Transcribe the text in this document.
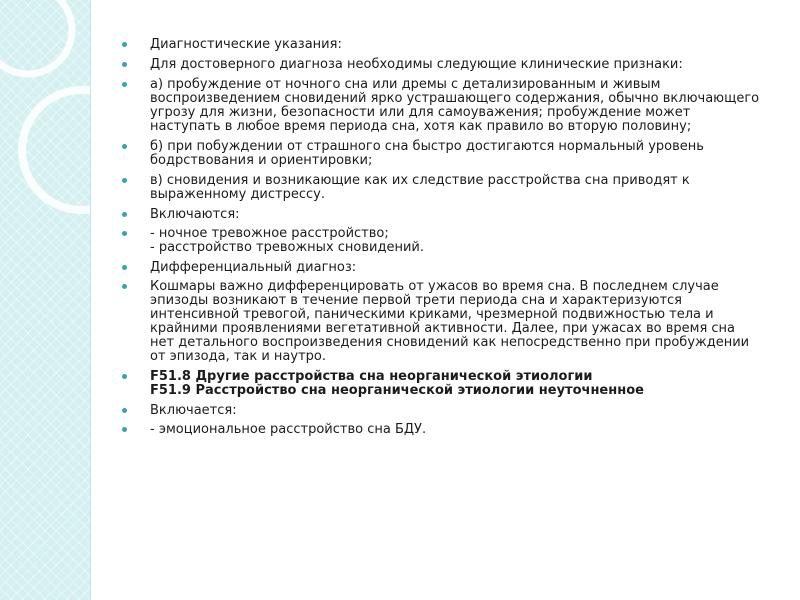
Диагностические указания:
Для достоверного диагноза необходимы следующие клинические признаки:
а) пробуждение от ночного сна или дремы с детализированным и живым воспроизведением сновидений ярко устрашающего содержания, обычно включающего угрозу для жизни, безопасности или для самоуважения; пробуждение может наступать в любое время периода сна, хотя как правило во вторую половину;
б) при побуждении от страшного сна быстро достигаются нормальный уровень бодрствования и ориентировки;
в) сновидения и возникающие как их следствие расстройства сна приводят к выраженному дистрессу.
Включаются:
- ночное тревожное расстройство;
- расстройство тревожных сновидений.
Дифференциальный диагноз:
Кошмары важно дифференцировать от ужасов во время сна. В последнем случае эпизоды возникают в течение первой трети периода сна и характеризуются интенсивной тревогой, паническими криками, чрезмерной подвижностью тела и крайними проявлениями вегетативной активности. Далее, при ужасах во время сна нет детального воспроизведения сновидений как непосредственно при пробуждении от эпизода, так и наутро.
F51.8 Другие расстройства сна неорганической этиологии
F51.9 Расстройство сна неорганической этиологии неуточненное
Включается:
- эмоциональное расстройство сна БДУ.
